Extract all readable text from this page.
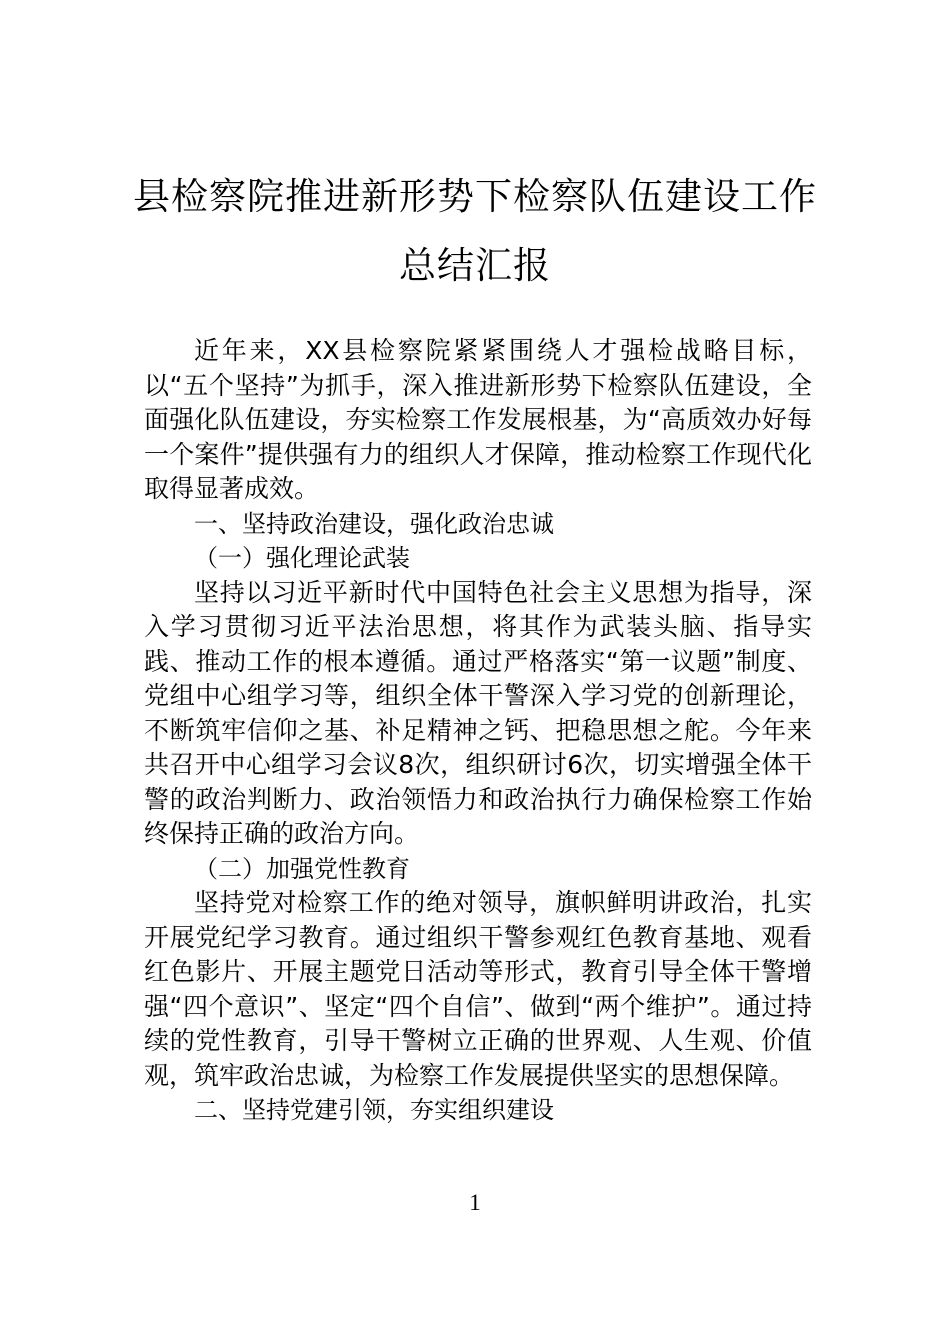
县检察院推进新形势下检察队伍建设工作
总结汇报

近年来，XX县检察院紧紧围绕人才强检战略目标，以“五个坚持”为抓手，深入推进新形势下检察队伍建设，全面强化队伍建设，夯实检察工作发展根基，为“高质效办好每一个案件”提供强有力的组织人才保障，推动检察工作现代化取得显著成效。

一、坚持政治建设，强化政治忠诚

（一）强化理论武装

坚持以习近平新时代中国特色社会主义思想为指导，深入学习贯彻习近平法治思想，将其作为武装头脑、指导实践、推动工作的根本遵循。通过严格落实“第一议题”制度、党组中心组学习等，组织全体干警深入学习党的创新理论，不断筑牢信仰之基、补足精神之钙、把稳思想之舵。今年来共召开中心组学习会议8次，组织研讨6次，切实增强全体干警的政治判断力、政治领悟力和政治执行力确保检察工作始终保持正确的政治方向。

（二）加强党性教育

坚持党对检察工作的绝对领导，旗帜鲜明讲政治，扎实开展党纪学习教育。通过组织干警参观红色教育基地、观看红色影片、开展主题党日活动等形式，教育引导全体干警增强“四个意识”、坚定“四个自信”、做到“两个维护”。通过持续的党性教育，引导干警树立正确的世界观、人生观、价值观，筑牢政治忠诚，为检察工作发展提供坚实的思想保障。

二、坚持党建引领，夯实组织建设

1
